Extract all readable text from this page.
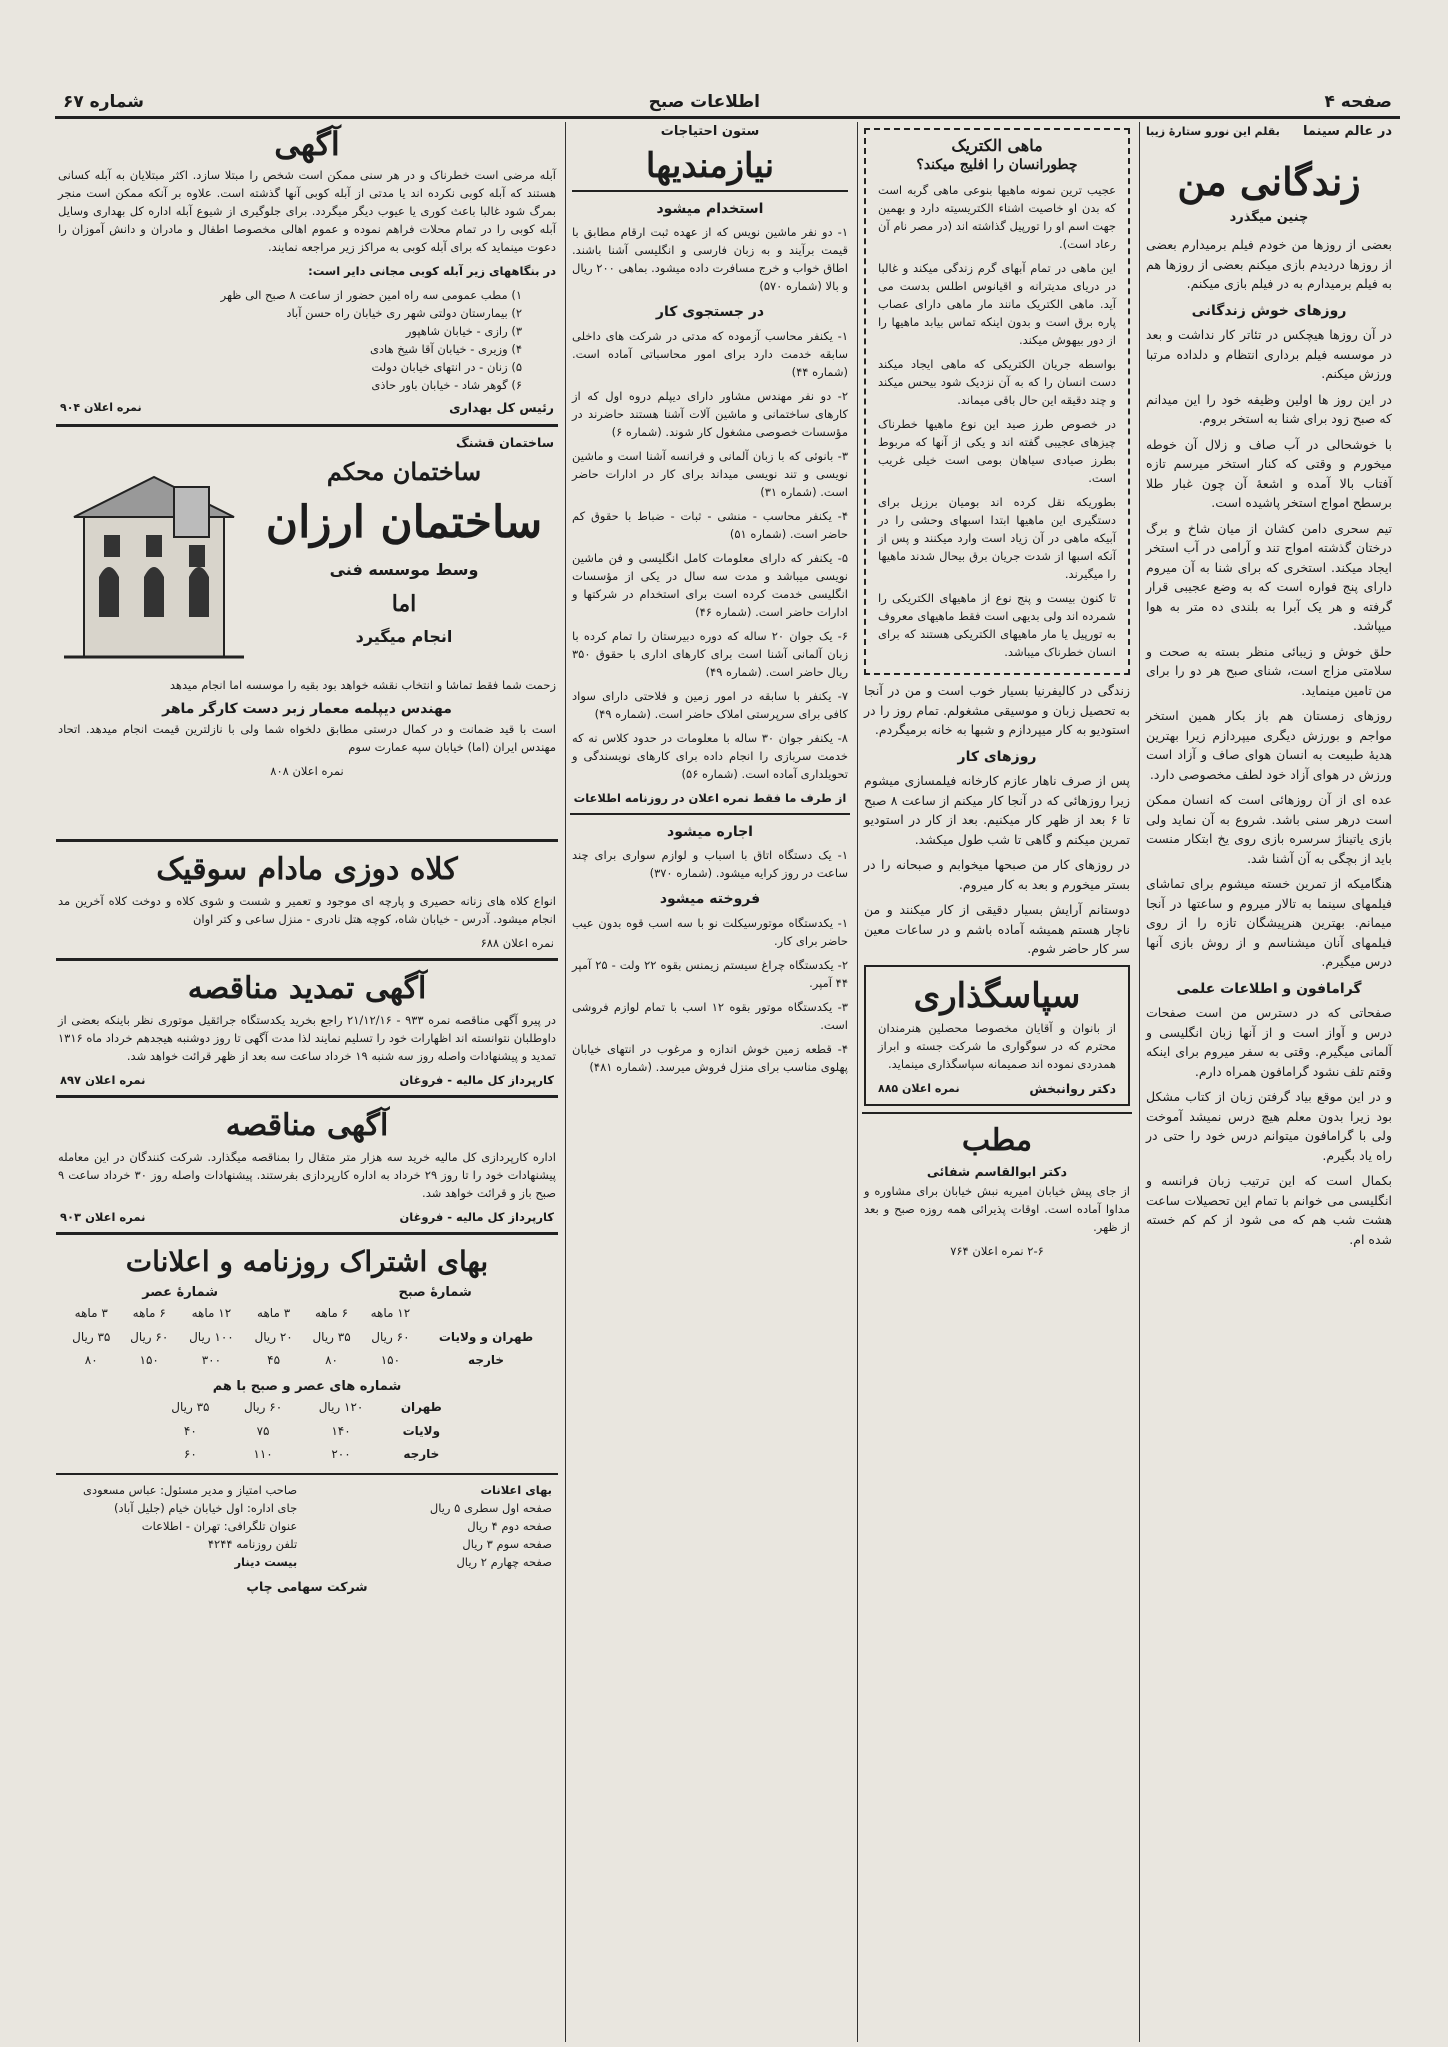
صفحه ۴
اطلاعات صبح
شماره ۶۷
در عالم سینما
بقلم این نورو ستارهٔ زیبا
زندگانی من
چنین میگذرد

بعضی از روزها من خودم فیلم برمیدارم بعضی از روزها دردیدم بازی میکنم بعضی از روزها هم به فیلم برمیدارم به در فیلم بازی میکنم.

روزهای خوش زندگانی

در آن روزها هیچکس در تئاتر کار نداشت و بعد در موسسه فیلم برداری انتظام و دلداده مرتبا ورزش میکنم.

در این روز ها اولین وظیفه خود را این میدانم که صبح زود برای شنا به استخر بروم.

با خوشحالی در آب صاف و زلال آن خوطه میخورم و وقتی که کنار استخر میرسم تازه آفتاب بالا آمده و اشعهٔ آن چون غبار طلا برسطح امواج استخر پاشیده است.

تیم سحری دامن کشان از میان شاخ و برگ درختان گذشته امواج تند و آرامی در آب استخر ایجاد میکند. استخری که برای شنا به آن میروم دارای پنج فواره است که به وضع عجیبی قرار گرفته و هر یک آبرا به بلندی ده متر به هوا میپاشد.

حلق خوش و زیبائی منظر بسته به صحت و سلامتی مزاج است، شنای صبح هر دو را برای من تامین مینماید.

روزهای زمستان هم باز بکار همین استخر مواجم و بورزش دیگری میپردازم زیرا بهترین هدیهٔ طبیعت به انسان هوای صاف و آزاد است ورزش در هوای آزاد خود لطف مخصوصی دارد.

عده ای از آن روزهائی است که انسان ممکن است درهر سنی باشد. شروع به آن نماید ولی بازی یاتیناژ سرسره بازی روی یخ ابتکار منست باید از بچگی به آن آشنا شد.

هنگامیکه از تمرین خسته میشوم برای تماشای فیلمهای سینما به تالار میروم و ساعتها در آنجا میمانم. بهترین هنرپیشگان تازه را از روی فیلمهای آنان میشناسم و از روش بازی آنها درس میگیرم.

گرامافون و اطلاعات علمی

صفحاتی که در دسترس من است صفحات درس و آواز است و از آنها زبان انگلیسی و آلمانی میگیرم. وقتی به سفر میروم برای اینکه وقتم تلف نشود گرامافون همراه دارم.

و در این موقع بیاد گرفتن زبان از کتاب مشکل بود زیرا بدون معلم هیچ درس نمیشد آموخت ولی با گرامافون میتوانم درس خود را حتی در راه یاد بگیرم.

بکمال است که این ترتیب زبان فرانسه و انگلیسی می خوانم با تمام این تحصیلات ساعت هشت شب هم که می شود از کم کم خسته شده ام.

ماهی الکتریک
چطورانسان را افلیج میکند؟

عجیب ترین نمونه ماهیها بنوعی ماهی گربه است که بدن او خاصیت اشناء الکتریسیته دارد و بهمین جهت اسم او را تورپیل گذاشته اند (در مصر نام آن رعاد است).

این ماهی در تمام آبهای گرم زندگی میکند و غالبا در دریای مدیترانه و اقیانوس اطلس بدست می آید. ماهی الکتریک مانند مار ماهی دارای عصاب پاره برق است و بدون اینکه تماس بیابد ماهیها را از دور بیهوش میکند.

بواسطه جریان الکتریکی که ماهی ایجاد میکند دست انسان را که به آن نزدیک شود بیحس میکند و چند دقیقه این حال باقی میماند.

در خصوص طرز صید این نوع ماهیها خطرناک چیزهای عجیبی گفته اند و یکی از آنها که مربوط بطرز صیادی سیاهان بومی است خیلی غریب است.

بطوریکه نقل کرده اند بومیان برزیل برای دستگیری این ماهیها ابتدا اسبهای وحشی را در آبیکه ماهی در آن زیاد است وارد میکنند و پس از آنکه اسبها از شدت جریان برق بیحال شدند ماهیها را میگیرند.

تا کنون بیست و پنج نوع از ماهیهای الکتریکی را شمرده اند ولی بدیهی است فقط ماهیهای معروف به تورپیل یا مار ماهیهای الکتریکی هستند که برای انسان خطرناک میباشد.

زندگی در کالیفرنیا بسیار خوب است و من در آنجا به تحصیل زبان و موسیقی مشغولم. تمام روز را در استودیو به کار میپردازم و شبها به خانه برمیگردم.

روزهای کار

پس از صرف ناهار عازم کارخانه فیلمسازی میشوم زیرا روزهائی که در آنجا کار میکنم از ساعت ۸ صبح تا ۶ بعد از ظهر کار میکنیم. بعد از کار در استودیو تمرین میکنم و گاهی تا شب طول میکشد.

در روزهای کار من صبحها میخوابم و صبحانه را در بستر میخورم و بعد به کار میروم.

دوستانم آرایش بسیار دقیقی از کار میکنند و من ناچار هستم همیشه آماده باشم و در ساعات معین سر کار حاضر شوم.

سپاسگذاری

از بانوان و آقایان مخصوصا محصلین هنرمندان محترم که در سوگواری ما شرکت جسته و ابراز همدردی نموده اند صمیمانه سپاسگذاری مینماید.

دکتر روانبخش
نمره اعلان ۸۸۵
مطب
دکتر ابوالقاسم شفائی

از جای پیش خیابان امیریه نبش خیابان برای مشاوره و مداوا آماده است. اوقات پذیرائی همه روزه صبح و بعد از ظهر.

۲-۶ نمره اعلان ۷۶۴
ستون احتیاجات
نیازمندیها
استخدام میشود

۱- دو نفر ماشین نویس که از عهده ثبت ارقام مطابق با قیمت برآیند و به زبان فارسی و انگلیسی آشنا باشند. اطاق خواب و خرج مسافرت داده میشود. بماهی ۲۰۰ ریال و بالا (شماره ۵۷۰)

در جستجوی کار

۱- یکنفر محاسب آزموده که مدتی در شرکت های داخلی سابقه خدمت دارد برای امور محاسباتی آماده است. (شماره ۴۴)

۲- دو نفر مهندس مشاور دارای دیپلم دروه اول که از کارهای ساختمانی و ماشین آلات آشنا هستند حاضرند در مؤسسات خصوصی مشغول کار شوند. (شماره ۶)

۳- بانوئی که با زبان آلمانی و فرانسه آشنا است و ماشین نویسی و تند نویسی میداند برای کار در ادارات حاضر است. (شماره ۳۱)

۴- یکنفر محاسب - منشی - ثبات - ضباط با حقوق کم حاضر است. (شماره ۵۱)

۵- یکنفر که دارای معلومات کامل انگلیسی و فن ماشین نویسی میباشد و مدت سه سال در یکی از مؤسسات انگلیسی خدمت کرده است برای استخدام در شرکتها و ادارات حاضر است. (شماره ۴۶)

۶- یک جوان ۲۰ ساله که دوره دبیرستان را تمام کرده با زبان آلمانی آشنا است برای کارهای اداری با حقوق ۳۵۰ ریال حاضر است. (شماره ۴۹)

۷- یکنفر با سابقه در امور زمین و فلاحتی دارای سواد کافی برای سرپرستی املاک حاضر است. (شماره ۴۹)

۸- یکنفر جوان ۳۰ ساله با معلومات در حدود کلاس نه که خدمت سربازی را انجام داده برای کارهای نویسندگی و تحویلداری آماده است. (شماره ۵۶)

از طرف ما فقط نمره اعلان در روزنامه اطلاعات
اجاره میشود

۱- یک دستگاه اتاق با اسباب و لوازم سواری برای چند ساعت در روز کرایه میشود. (شماره ۳۷۰)

فروخته میشود

۱- یکدستگاه موتورسیکلت نو با سه اسب قوه بدون عیب حاضر برای کار.

۲- یکدستگاه چراغ سیستم زیمنس بقوه ۲۲ ولت - ۲۵ آمپر ۴۴ آمپر.

۳- یکدستگاه موتور بقوه ۱۲ اسب با تمام لوازم فروشی است.

۴- قطعه زمین خوش اندازه و مرغوب در انتهای خیابان پهلوی مناسب برای منزل فروش میرسد. (شماره ۴۸۱)

آگهی

آبله مرضی است خطرناک و در هر سنی ممکن است شخص را مبتلا سازد. اکثر مبتلایان به آبله کسانی هستند که آبله کوبی نکرده اند یا مدتی از آبله کوبی آنها گذشته است. علاوه بر آنکه ممکن است منجر بمرگ شود غالبا باعث کوری یا عیوب دیگر میگردد. برای جلوگیری از شیوع آبله اداره کل بهداری وسایل آبله کوبی را در تمام محلات فراهم نموده و عموم اهالی مخصوصا اطفال و مادران و دانش آموزان را دعوت مینماید که برای آبله کوبی به مراکز زیر مراجعه نمایند.

در بنگاههای زیر آبله کوبی مجانی دایر است:

۱) مطب عمومی سه راه امین حضور از ساعت ۸ صبح الی ظهر
۲) بیمارستان دولتی شهر ری خیابان راه حسن آباد
۳) رازی - خیابان شاهپور
۴) وزیری - خیابان آقا شیخ هادی
۵) زنان - در انتهای خیابان دولت
۶) گوهر شاد - خیابان باور حاذی
رئیس کل بهداری
نمره اعلان ۹۰۴
ساختمان قشنگ
ساختمان محکم
ساختمان ارزان
وسط موسسه فنی
اما
انجام میگیرد

زحمت شما فقط تماشا و انتخاب نقشه خواهد بود بقیه را موسسه اما انجام میدهد

مهندس دیپلمه معمار زبر دست کارگر ماهر

است با قید ضمانت و در کمال درستی مطابق دلخواه شما ولی با نازلترین قیمت انجام میدهد. اتحاد مهندس ایران (اما) خیابان سپه عمارت سوم

نمره اعلان ۸۰۸
کلاه دوزی مادام سوقیک

انواع کلاه های زنانه حصیری و پارچه ای موجود و تعمیر و شست و شوی کلاه و دوخت کلاه آخرین مد انجام میشود. آدرس - خیابان شاه، کوچه هتل نادری - منزل ساعی و کتر اوان

نمره اعلان ۶۸۸
آگهی تمدید مناقصه

در پیرو آگهی مناقصه نمره ۹۳۳ - ۲۱/۱۲/۱۶ راجع بخرید یکدستگاه جراثقیل موتوری نظر باینکه بعضی از داوطلبان نتوانسته اند اظهارات خود را تسلیم نمایند لذا مدت آگهی تا روز دوشنبه هیجدهم خرداد ماه ۱۳۱۶ تمدید و پیشنهادات واصله روز سه شنبه ۱۹ خرداد ساعت سه بعد از ظهر قرائت خواهد شد.

کارپرداز کل مالیه - فروغان
نمره اعلان ۸۹۷
آگهی مناقصه

اداره کارپردازی کل مالیه خرید سه هزار متر متقال را بمناقصه میگذارد. شرکت کنندگان در این معامله پیشنهادات خود را تا روز ۲۹ خرداد به اداره کارپردازی بفرستند. پیشنهادات واصله روز ۳۰ خرداد ساعت ۹ صبح باز و قرائت خواهد شد.

کارپرداز کل مالیه - فروغان
نمره اعلان ۹۰۳
بهای اشتراک روزنامه و اعلانات
شمارهٔ صبح
شمارهٔ عصر
	۱۲ ماهه	۶ ماهه	۳ ماهه	۱۲ ماهه	۶ ماهه	۳ ماهه
طهران و ولایات	۶۰ ریال	۳۵ ریال	۲۰ ریال	۱۰۰ ریال	۶۰ ریال	۳۵ ریال
خارجه	۱۵۰	۸۰	۴۵	۳۰۰	۱۵۰	۸۰
شماره های عصر و صبح با هم
طهران	۱۲۰ ریال	۶۰ ریال	۳۵ ریال
ولایات	۱۴۰	۷۵	۴۰
خارجه	۲۰۰	۱۱۰	۶۰
بهای اعلانات
صفحه اول سطری ۵ ریال
صفحه دوم ۴ ریال
صفحه سوم ۳ ریال
صفحه چهارم ۲ ریال
صاحب امتیاز و مدیر مسئول: عباس مسعودی
جای اداره: اول خیابان خیام (جلیل آباد)
عنوان تلگرافی: تهران - اطلاعات
تلفن روزنامه ۴۲۴۴
بیست دینار
شرکت سهامی چاپ
